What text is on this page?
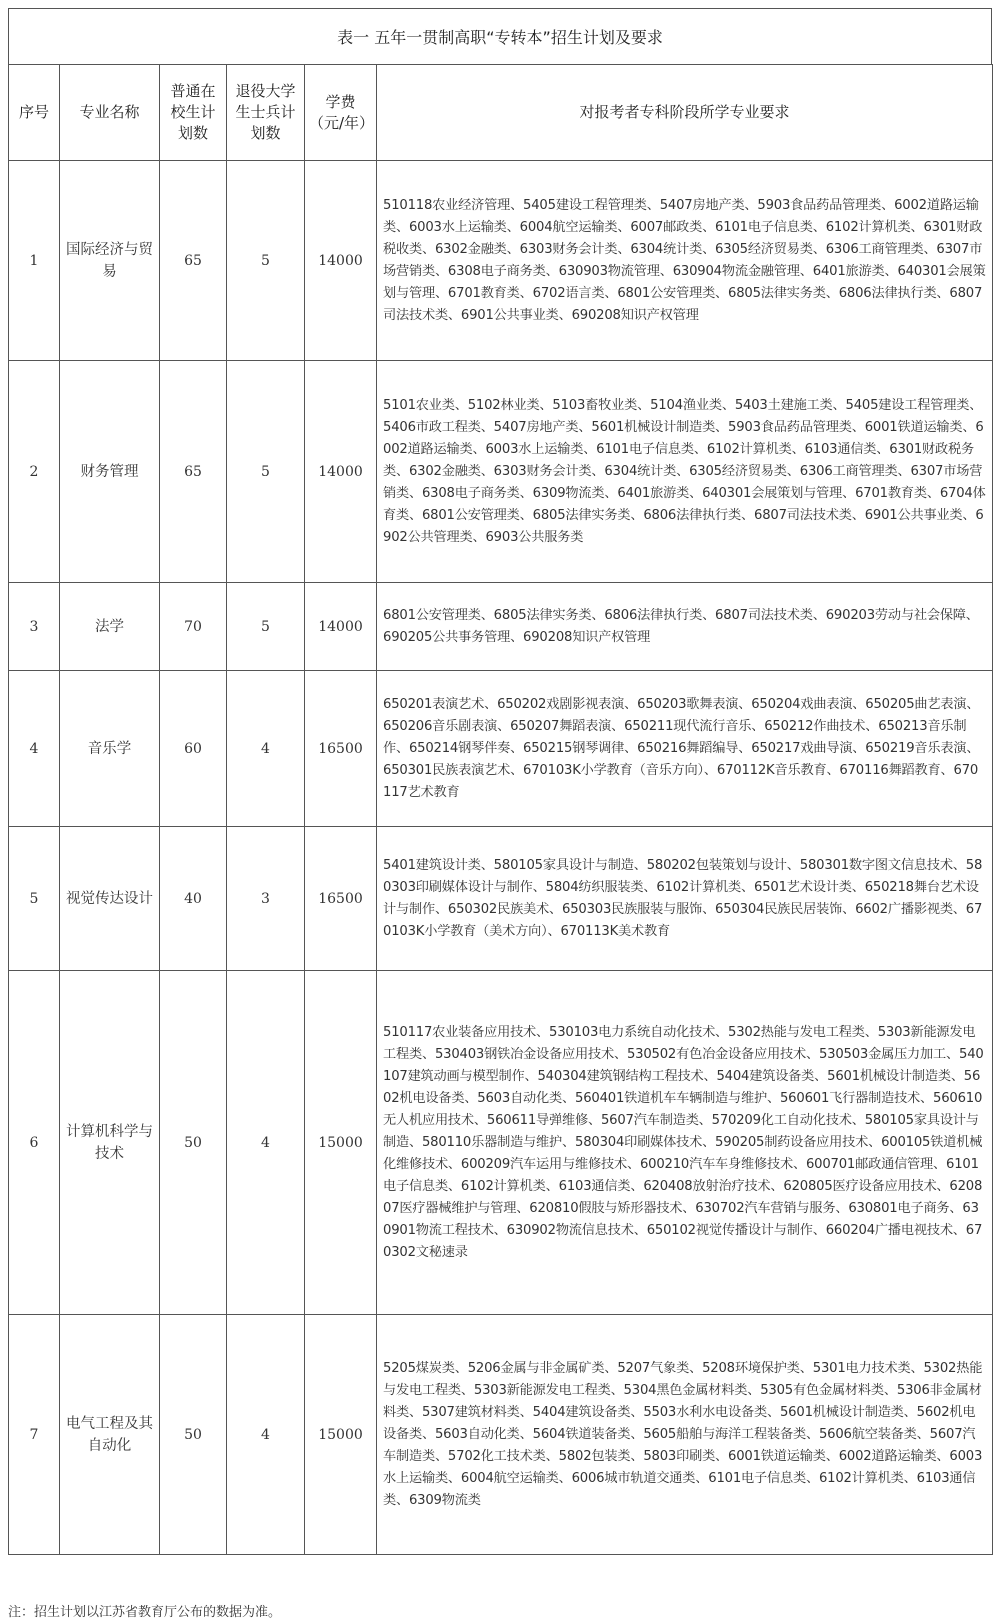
表一 五年一贯制高职“专转本”招生计划及要求
序号	专业名称	普通在校生计划数	退役大学生士兵计划数	学费（元/年）	对报考者专科阶段所学专业要求
1	国际经济与贸易	65	5	14000	510118农业经济管理、5405建设工程管理类、5407房地产类、5903食品药品管理类、6002道路运输类、6003水上运输类、6004航空运输类、6007邮政类、6101电子信息类、6102计算机类、6301财政税收类、6302金融类、6303财务会计类、6304统计类、6305经济贸易类、6306工商管理类、6307市场营销类、6308电子商务类、630903物流管理、630904物流金融管理、6401旅游类、640301会展策划与管理、6701教育类、6702语言类、6801公安管理类、6805法律实务类、6806法律执行类、6807司法技术类、6901公共事业类、690208知识产权管理
2	财务管理	65	5	14000	5101农业类、5102林业类、5103畜牧业类、5104渔业类、5403土建施工类、5405建设工程管理类、5406市政工程类、5407房地产类、5601机械设计制造类、5903食品药品管理类、6001铁道运输类、6002道路运输类、6003水上运输类、6101电子信息类、6102计算机类、6103通信类、6301财政税务类、6302金融类、6303财务会计类、6304统计类、6305经济贸易类、6306工商管理类、6307市场营销类、6308电子商务类、6309物流类、6401旅游类、640301会展策划与管理、6701教育类、6704体育类、6801公安管理类、6805法律实务类、6806法律执行类、6807司法技术类、6901公共事业类、6902公共管理类、6903公共服务类
3	法学	70	5	14000	6801公安管理类、6805法律实务类、6806法律执行类、6807司法技术类、690203劳动与社会保障、690205公共事务管理、690208知识产权管理
4	音乐学	60	4	16500	650201表演艺术、650202戏剧影视表演、650203歌舞表演、650204戏曲表演、650205曲艺表演、650206音乐剧表演、650207舞蹈表演、650211现代流行音乐、650212作曲技术、650213音乐制作、650214钢琴伴奏、650215钢琴调律、650216舞蹈编导、650217戏曲导演、650219音乐表演、650301民族表演艺术、670103K小学教育（音乐方向）、670112K音乐教育、670116舞蹈教育、670117艺术教育
5	视觉传达设计	40	3	16500	5401建筑设计类、580105家具设计与制造、580202包装策划与设计、580301数字图文信息技术、580303印刷媒体设计与制作、5804纺织服装类、6102计算机类、6501艺术设计类、650218舞台艺术设计与制作、650302民族美术、650303民族服装与服饰、650304民族民居装饰、6602广播影视类、670103K小学教育（美术方向）、670113K美术教育
6	计算机科学与技术	50	4	15000	510117农业装备应用技术、530103电力系统自动化技术、5302热能与发电工程类、5303新能源发电工程类、530403钢铁冶金设备应用技术、530502有色冶金设备应用技术、530503金属压力加工、540107建筑动画与模型制作、540304建筑钢结构工程技术、5404建筑设备类、5601机械设计制造类、5602机电设备类、5603自动化类、560401铁道机车车辆制造与维护、560601飞行器制造技术、560610无人机应用技术、560611导弹维修、5607汽车制造类、570209化工自动化技术、580105家具设计与制造、580110乐器制造与维护、580304印刷媒体技术、590205制药设备应用技术、600105铁道机械化维修技术、600209汽车运用与维修技术、600210汽车车身维修技术、600701邮政通信管理、6101电子信息类、6102计算机类、6103通信类、620408放射治疗技术、620805医疗设备应用技术、620807医疗器械维护与管理、620810假肢与矫形器技术、630702汽车营销与服务、630801电子商务、630901物流工程技术、630902物流信息技术、650102视觉传播设计与制作、660204广播电视技术、670302文秘速录
7	电气工程及其自动化	50	4	15000	5205煤炭类、5206金属与非金属矿类、5207气象类、5208环境保护类、5301电力技术类、5302热能与发电工程类、5303新能源发电工程类、5304黑色金属材料类、5305有色金属材料类、5306非金属材料类、5307建筑材料类、5404建筑设备类、5503水利水电设备类、5601机械设计制造类、5602机电设备类、5603自动化类、5604铁道装备类、5605船舶与海洋工程装备类、5606航空装备类、5607汽车制造类、5702化工技术类、5802包装类、5803印刷类、6001铁道运输类、6002道路运输类、6003水上运输类、6004航空运输类、6006城市轨道交通类、6101电子信息类、6102计算机类、6103通信类、6309物流类
注：招生计划以江苏省教育厅公布的数据为准。
